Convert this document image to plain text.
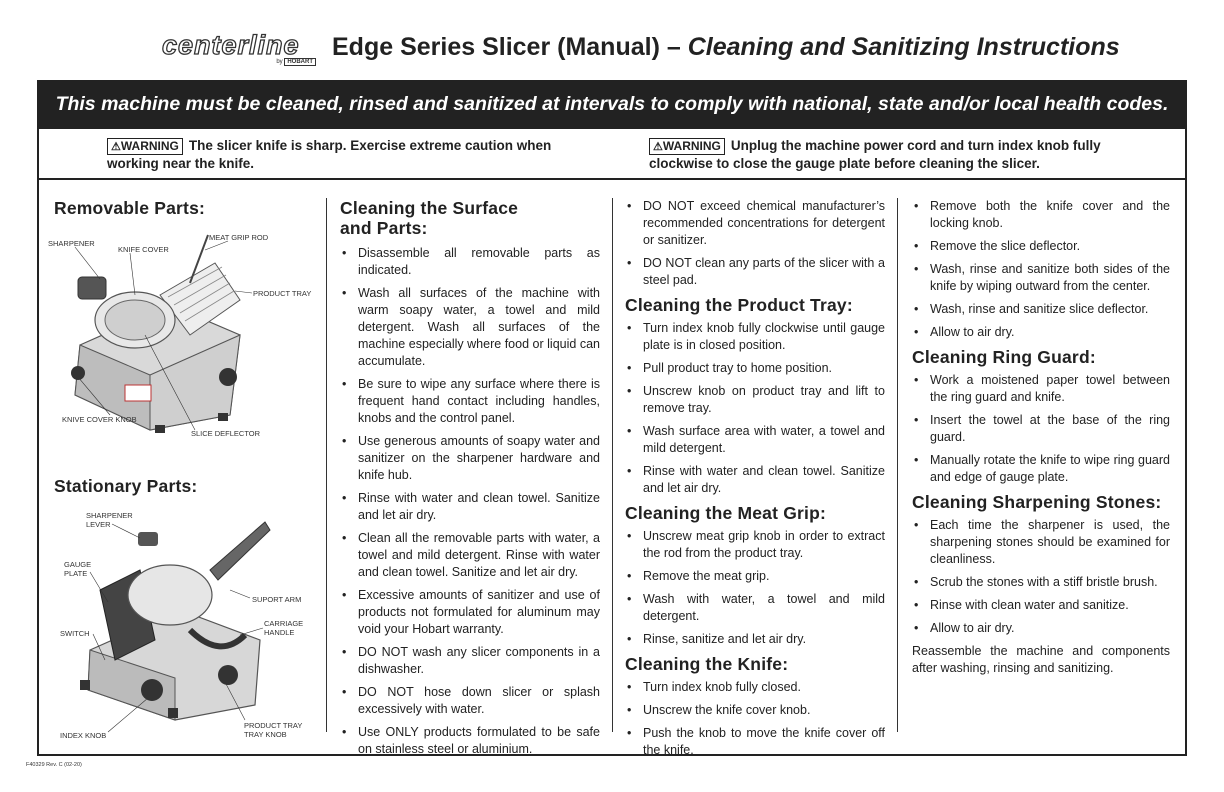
centerline
by HOBART
Edge Series Slicer (Manual) – Cleaning and Sanitizing Instructions
This machine must be cleaned, rinsed and sanitized at intervals to comply with national, state and/or local health codes.
⚠WARNING The slicer knife is sharp. Exercise extreme caution when working near the knife.
⚠WARNING Unplug the machine power cord and turn index knob fully clockwise to close the gauge plate before cleaning the slicer.
Removable Parts:
SHARPENER
KNIFE COVER
MEAT GRIP ROD
PRODUCT TRAY
KNIVE COVER KNOB
SLICE DEFLECTOR
Stationary Parts:
SHARPENER
LEVER
GAUGE
PLATE
SUPORT ARM
CARRIAGE
HANDLE
SWITCH
INDEX KNOB
PRODUCT TRAY
TRAY KNOB
Cleaning the Surface
and Parts:
• Disassemble all removable parts as indicated.
• Wash all surfaces of the machine with warm soapy water, a towel and mild detergent. Wash all surfaces of the machine especially where food or liquid can accumulate.
• Be sure to wipe any surface where there is frequent hand contact including handles, knobs and the control panel.
• Use generous amounts of soapy water and sanitizer on the sharpener hardware and knife hub.
• Rinse with water and clean towel. Sanitize and let air dry.
• Clean all the removable parts with water, a towel and mild detergent. Rinse with water and clean towel. Sanitize and let air dry.
• Excessive amounts of sanitizer and use of products not formulated for aluminum may void your Hobart warranty.
• DO NOT wash any slicer components in a dishwasher.
• DO NOT hose down slicer or splash excessively with water.
• Use ONLY products formulated to be safe on stainless steel or aluminium.
• DO NOT exceed chemical manufacturer’s recommended concentrations for detergent or sanitizer.
• DO NOT clean any parts of the slicer with a steel pad.
Cleaning the Product Tray:
• Turn index knob fully clockwise until gauge plate is in closed position.
• Pull product tray to home position.
• Unscrew knob on product tray and lift to remove tray.
• Wash surface area with water, a towel and mild detergent.
• Rinse with water and clean towel. Sanitize and let air dry.
Cleaning the Meat Grip:
• Unscrew meat grip knob in order to extract the rod from the product tray.
• Remove the meat grip.
• Wash with water, a towel and mild detergent.
• Rinse, sanitize and let air dry.
Cleaning the Knife:
• Turn index knob fully closed.
• Unscrew the knife cover knob.
• Push the knob to move the knife cover off the knife.
• Remove both the knife cover and the locking knob.
• Remove the slice deflector.
• Wash, rinse and sanitize both sides of the knife by wiping outward from the center.
• Wash, rinse and sanitize slice deflector.
• Allow to air dry.
Cleaning Ring Guard:
• Work a moistened paper towel between the ring guard and knife.
• Insert the towel at the base of the ring guard.
• Manually rotate the knife to wipe ring guard and edge of gauge plate.
Cleaning Sharpening Stones:
• Each time the sharpener is used, the sharpening stones should be examined for cleanliness.
• Scrub the stones with a stiff bristle brush.
• Rinse with clean water and sanitize.
• Allow to air dry.

Reassemble the machine and components after washing, rinsing and sanitizing.

F40329 Rev. C (02-20)
